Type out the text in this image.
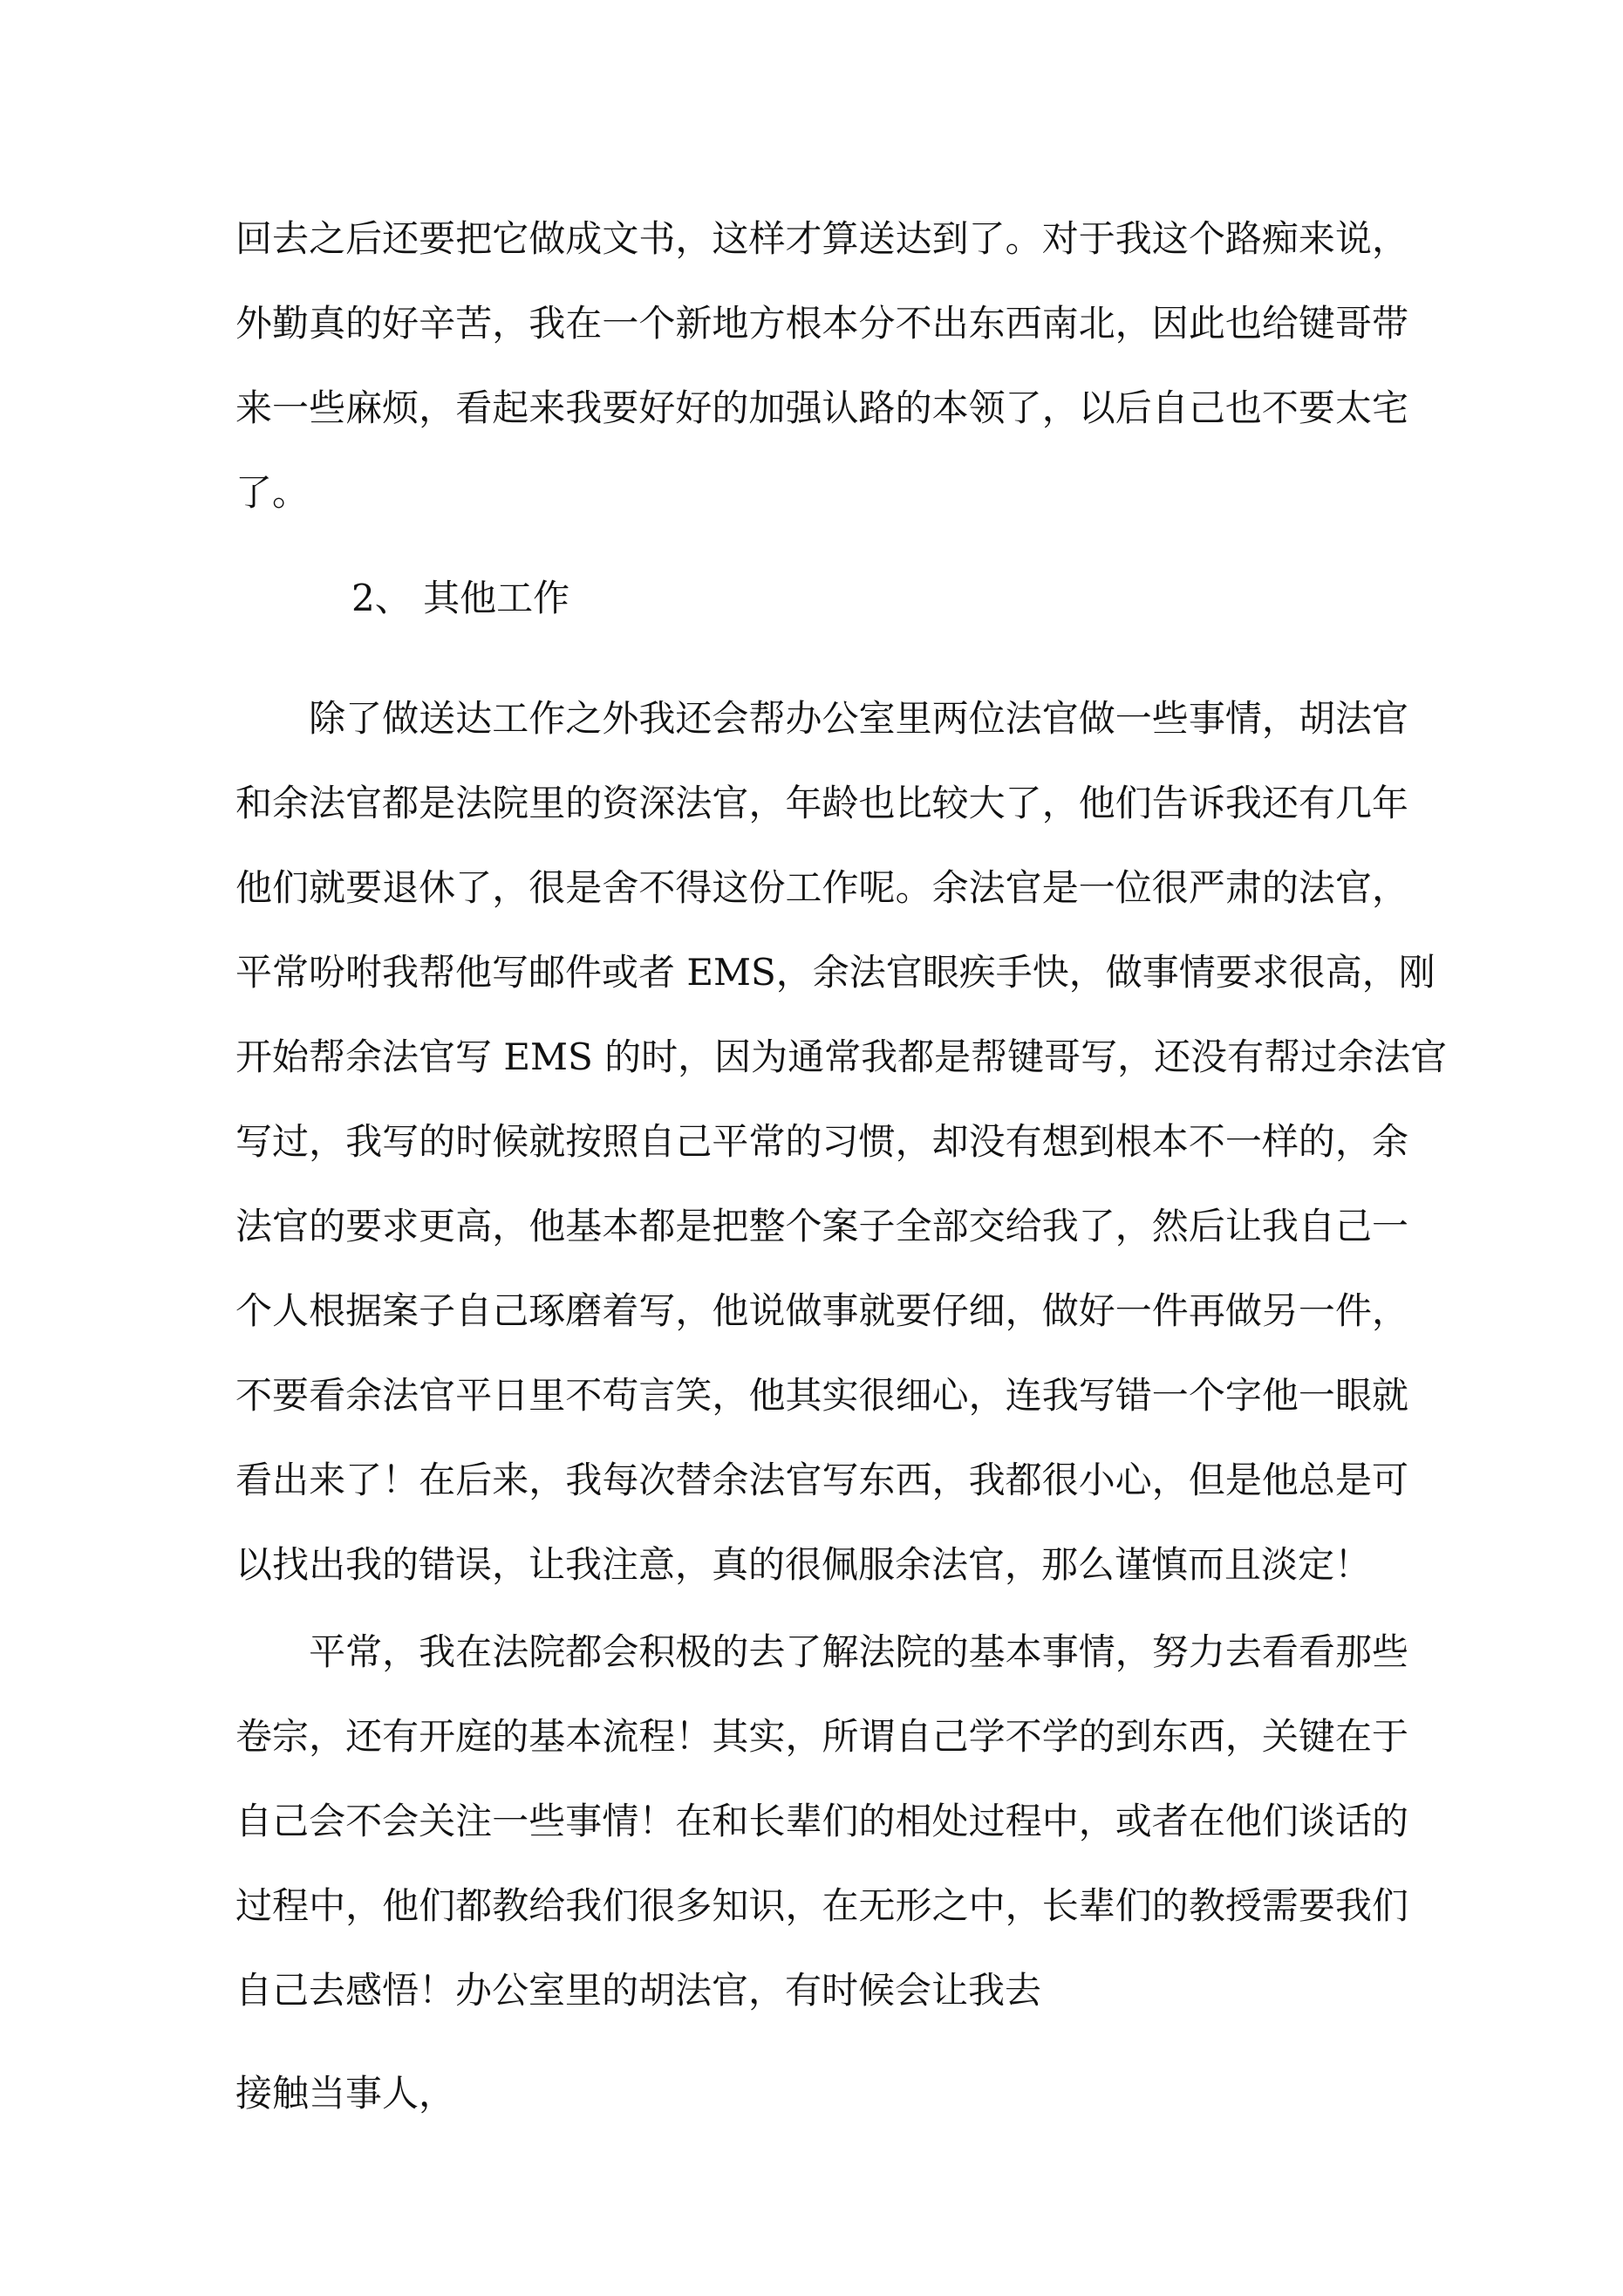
回去之后还要把它做成文书，这样才算送达到了。对于我这个路痴来说，
外勤真的好辛苦，我在一个新地方根本分不出东西南北，因此也给键哥带
来一些麻烦，看起来我要好好的加强认路的本领了，以后自己也不要太宅
了。
2、 其他工作
　　除了做送达工作之外我还会帮办公室里两位法官做一些事情，胡法官
和余法官都是法院里的资深法官，年龄也比较大了，他们告诉我还有几年
他们就要退休了，很是舍不得这份工作呢。余法官是一位很严肃的法官，
平常吩咐我帮他写邮件或者 EMS，余法官眼疾手快，做事情要求很高，刚
开始帮余法官写 EMS 的时，因为通常我都是帮键哥写，还没有帮过余法官
写过，我写的时候就按照自己平常的习惯，却没有想到根本不一样的，余
法官的要求更高，他基本都是把整个案子全部交给我了，然后让我自己一
个人根据案子自己琢磨着写，他说做事就要仔细，做好一件再做另一件，
不要看余法官平日里不苟言笑，他其实很细心，连我写错一个字他一眼就
看出来了！在后来，我每次替余法官写东西，我都很小心，但是他总是可
以找出我的错误，让我注意，真的很佩服余法官，那么谨慎而且淡定！
　　平常，我在法院都会积极的去了解法院的基本事情，努力去看看那些
卷宗，还有开庭的基本流程！其实，所谓自己学不学的到东西，关键在于
自己会不会关注一些事情！在和长辈们的相处过程中，或者在他们谈话的
过程中，他们都教给我们很多知识，在无形之中，长辈们的教授需要我们
自己去感悟！办公室里的胡法官，有时候会让我去
接触当事人，
